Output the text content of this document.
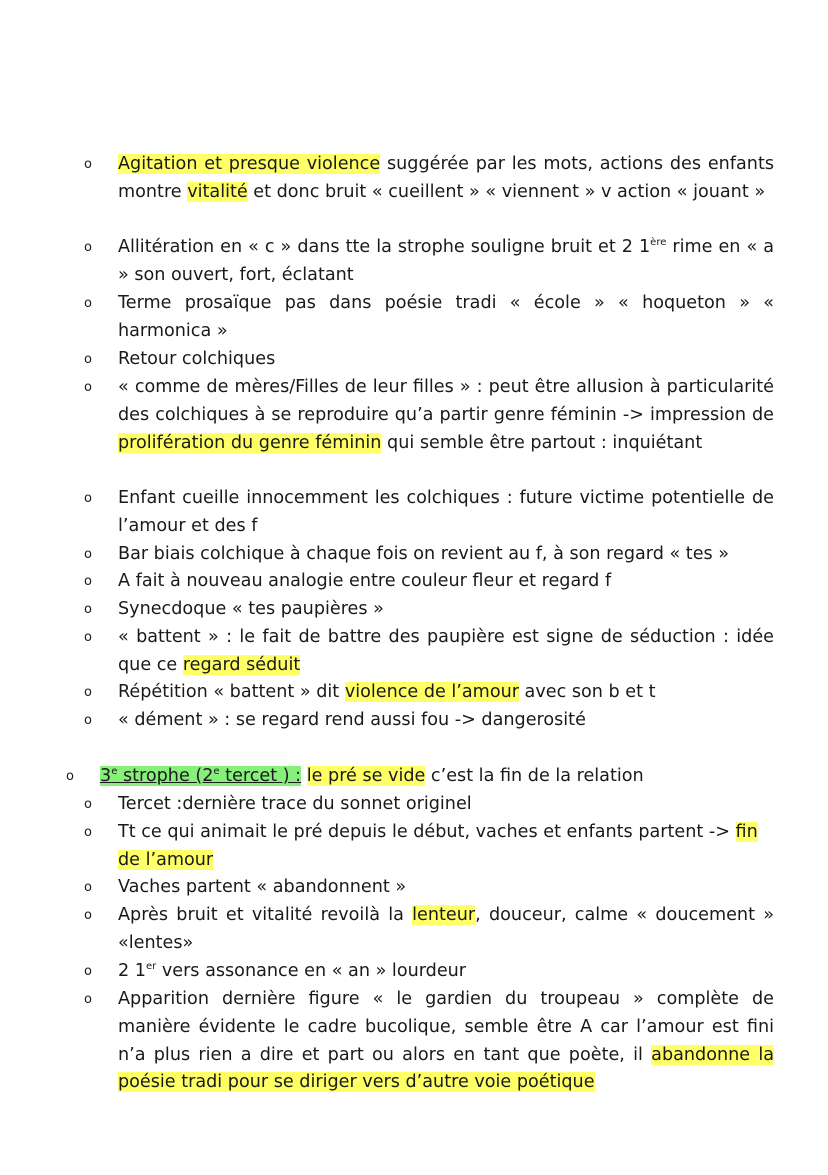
o Agitation et presque violence suggérée par les mots, actions des enfants montre vitalité et donc bruit « cueillent » « viennent » v action « jouant »
o Allitération en « c » dans tte la strophe souligne bruit et 2 1ère rime en « a » son ouvert, fort, éclatant
o Terme prosaïque pas dans poésie tradi « école » « hoqueton » « harmonica »
o Retour colchiques
o « comme de mères/Filles de leur filles » : peut être allusion à particularité des colchiques à se reproduire qu’a partir genre féminin -> impression de prolifération du genre féminin qui semble être partout : inquiétant
o Enfant cueille innocemment les colchiques : future victime potentielle de l’amour et des f
o Bar biais colchique à chaque fois on revient au f, à son regard « tes »
o A fait à nouveau analogie entre couleur fleur et regard f
o Synecdoque « tes paupières »
o « battent » : le fait de battre des paupière est signe de séduction : idée que ce regard séduit
o Répétition « battent » dit violence de l’amour avec son b et t
o « dément » : se regard rend aussi fou -> dangerosité
o 3e strophe (2e tercet ) : le pré se vide c’est la fin de la relation
o Tercet :dernière trace du sonnet originel
o Tt ce qui animait le pré depuis le début, vaches et enfants partent -> fin de l’amour
o Vaches partent « abandonnent »
o Après bruit et vitalité revoilà la lenteur, douceur, calme « doucement » «lentes»
o 2 1er vers assonance en « an » lourdeur
o Apparition dernière figure « le gardien du troupeau » complète de manière évidente le cadre bucolique, semble être A car l’amour est fini n’a plus rien a dire et part ou alors en tant que poète, il abandonne la poésie tradi pour se diriger vers d’autre voie poétique
